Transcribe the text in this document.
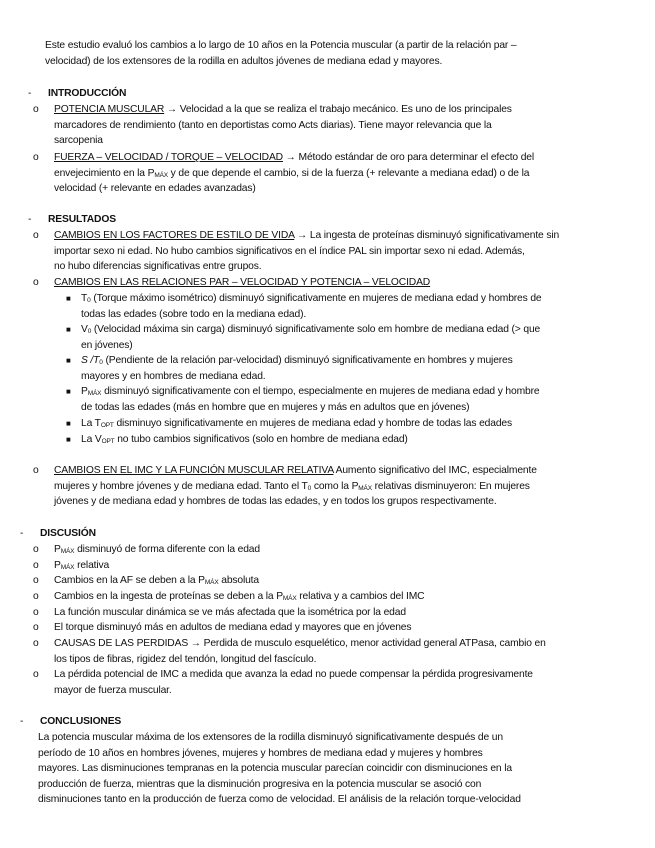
Este estudio evaluó los cambios a lo largo de 10 años en la Potencia muscular (a partir de la relación par –
velocidad) de los extensores de la rodilla en adultos jóvenes de mediana edad y mayores.
- INTRODUCCIÓN
o POTENCIA MUSCULAR → Velocidad a la que se realiza el trabajo mecánico. Es uno de los principales
marcadores de rendimiento (tanto en deportistas como Acts diarias). Tiene mayor relevancia que la
sarcopenia
o FUERZA – VELOCIDAD / TORQUE – VELOCIDAD → Método estándar de oro para determinar el efecto del
envejecimiento en la $P_{MÁX}$ y de que depende el cambio, si de la fuerza (+ relevante a mediana edad) o de la
velocidad (+ relevante en edades avanzadas)
- RESULTADOS
o CAMBIOS EN LOS FACTORES DE ESTILO DE VIDA → La ingesta de proteínas disminuyó significativamente sin
importar sexo ni edad. No hubo cambios significativos en el índice PAL sin importar sexo ni edad. Además,
no hubo diferencias significativas entre grupos.
o CAMBIOS EN LAS RELACIONES PAR – VELOCIDAD Y POTENCIA – VELOCIDAD
■ $T_0$ (Torque máximo isométrico) disminuyó significativamente en mujeres de mediana edad y hombres de
todas las edades (sobre todo en la mediana edad).
■ $V_0$ (Velocidad máxima sin carga) disminuyó significativamente solo em hombre de mediana edad (> que
en jóvenes)
■ S $/T_0$ (Pendiente de la relación par-velocidad) disminuyó significativamente en hombres y mujeres
mayores y en hombres de mediana edad.
■ $P_{MÁX}$ disminuyó significativamente con el tiempo, especialmente en mujeres de mediana edad y hombre
de todas las edades (más en hombre que en mujeres y más en adultos que en jóvenes)
■ La $T_{OPT}$ disminuyo significativamente en mujeres de mediana edad y hombre de todas las edades
■ La $V_{OPT}$ no tubo cambios significativos (solo en hombre de mediana edad)
o CAMBIOS EN EL IMC Y LA FUNCIÓN MUSCULAR RELATIVA Aumento significativo del IMC, especialmente
mujeres y hombre jóvenes y de mediana edad. Tanto el $T_0$ como la $P_{MÁX}$ relativas disminuyeron: En mujeres
jóvenes y de mediana edad y hombres de todas las edades, y en todos los grupos respectivamente.
- DISCUSIÓN
o $P_{MÁX}$ disminuyó de forma diferente con la edad
o $P_{MÁX}$ relativa
o Cambios en la AF se deben a la $P_{MÁX}$ absoluta
o Cambios en la ingesta de proteínas se deben a la $P_{MÁX}$ relativa y a cambios del IMC
o La función muscular dinámica se ve más afectada que la isométrica por la edad
o El torque disminuyó más en adultos de mediana edad y mayores que en jóvenes
o CAUSAS DE LAS PERDIDAS → Perdida de musculo esquelético, menor actividad general ATPasa, cambio en
los tipos de fibras, rigidez del tendón, longitud del fascículo.
o La pérdida potencial de IMC a medida que avanza la edad no puede compensar la pérdida progresivamente
mayor de fuerza muscular.
- CONCLUSIONES
La potencia muscular máxima de los extensores de la rodilla disminuyó significativamente después de un
período de 10 años en hombres jóvenes, mujeres y hombres de mediana edad y mujeres y hombres
mayores. Las disminuciones tempranas en la potencia muscular parecían coincidir con disminuciones en la
producción de fuerza, mientras que la disminución progresiva en la potencia muscular se asoció con
disminuciones tanto en la producción de fuerza como de velocidad. El análisis de la relación torque-velocidad
